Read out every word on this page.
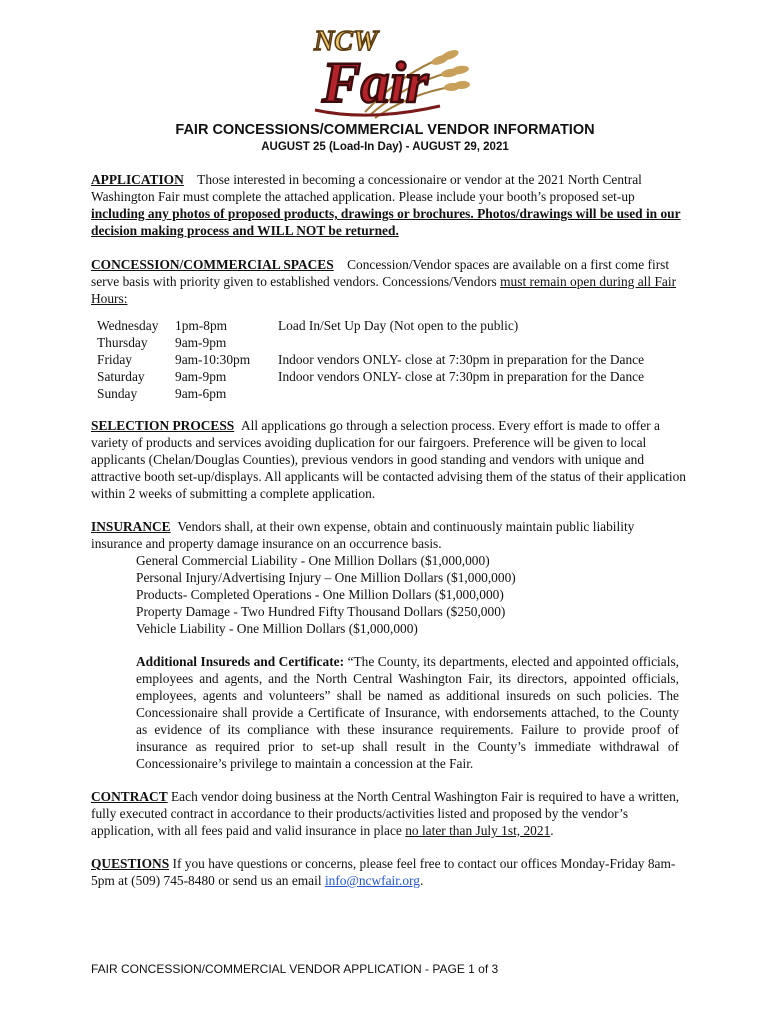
NCW
Fair
FAIR CONCESSIONS/COMMERCIAL VENDOR INFORMATION
AUGUST 25 (Load-In Day) - AUGUST 29, 2021

APPLICATION Those interested in becoming a concessionaire or vendor at the 2021 North Central Washington Fair must complete the attached application. Please include your booth’s proposed set-up including any photos of proposed products, drawings or brochures. Photos/drawings will be used in our decision making process and WILL NOT be returned.

CONCESSION/COMMERCIAL SPACES Concession/Vendor spaces are available on a first come first serve basis with priority given to established vendors. Concessions/Vendors must remain open during all Fair Hours:

Wednesday	1pm-8pm	Load In/Set Up Day (Not open to the public)
Thursday	9am-9pm	
Friday	9am-10:30pm	Indoor vendors ONLY- close at 7:30pm in preparation for the Dance
Saturday	9am-9pm	Indoor vendors ONLY- close at 7:30pm in preparation for the Dance
Sunday	9am-6pm	

SELECTION PROCESS All applications go through a selection process. Every effort is made to offer a variety of products and services avoiding duplication for our fairgoers. Preference will be given to local applicants (Chelan/Douglas Counties), previous vendors in good standing and vendors with unique and attractive booth set-up/displays. All applicants will be contacted advising them of the status of their application within 2 weeks of submitting a complete application.

INSURANCE Vendors shall, at their own expense, obtain and continuously maintain public liability insurance and property damage insurance on an occurrence basis.

General Commercial Liability - One Million Dollars ($1,000,000)
Personal Injury/Advertising Injury – One Million Dollars ($1,000,000)
Products- Completed Operations - One Million Dollars ($1,000,000)
Property Damage - Two Hundred Fifty Thousand Dollars ($250,000)
Vehicle Liability - One Million Dollars ($1,000,000)

Additional Insureds and Certificate: “The County, its departments, elected and appointed officials, employees and agents, and the North Central Washington Fair, its directors, appointed officials, employees, agents and volunteers” shall be named as additional insureds on such policies. The Concessionaire shall provide a Certificate of Insurance, with endorsements attached, to the County as evidence of its compliance with these insurance requirements. Failure to provide proof of insurance as required prior to set-up shall result in the County’s immediate withdrawal of Concessionaire’s privilege to maintain a concession at the Fair.

CONTRACT Each vendor doing business at the North Central Washington Fair is required to have a written, fully executed contract in accordance to their products/activities listed and proposed by the vendor’s application, with all fees paid and valid insurance in place no later than July 1st, 2021.

QUESTIONS If you have questions or concerns, please feel free to contact our offices Monday-Friday 8am-5pm at (509) 745-8480 or send us an email info@ncwfair.org.

FAIR CONCESSION/COMMERCIAL VENDOR APPLICATION - PAGE 1 of 3
